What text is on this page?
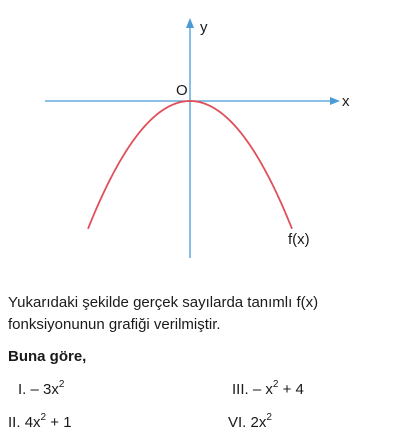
y
x
O
f(x)

Yukarıdaki şekilde gerçek sayılarda tanımlı f(x) fonksiyonunun grafiği verilmiştir.

Buna göre,

I. – $3x^2$
II. $4x^2 + 1$
III. – $x^2 + 4$
VI. $2x^2$
